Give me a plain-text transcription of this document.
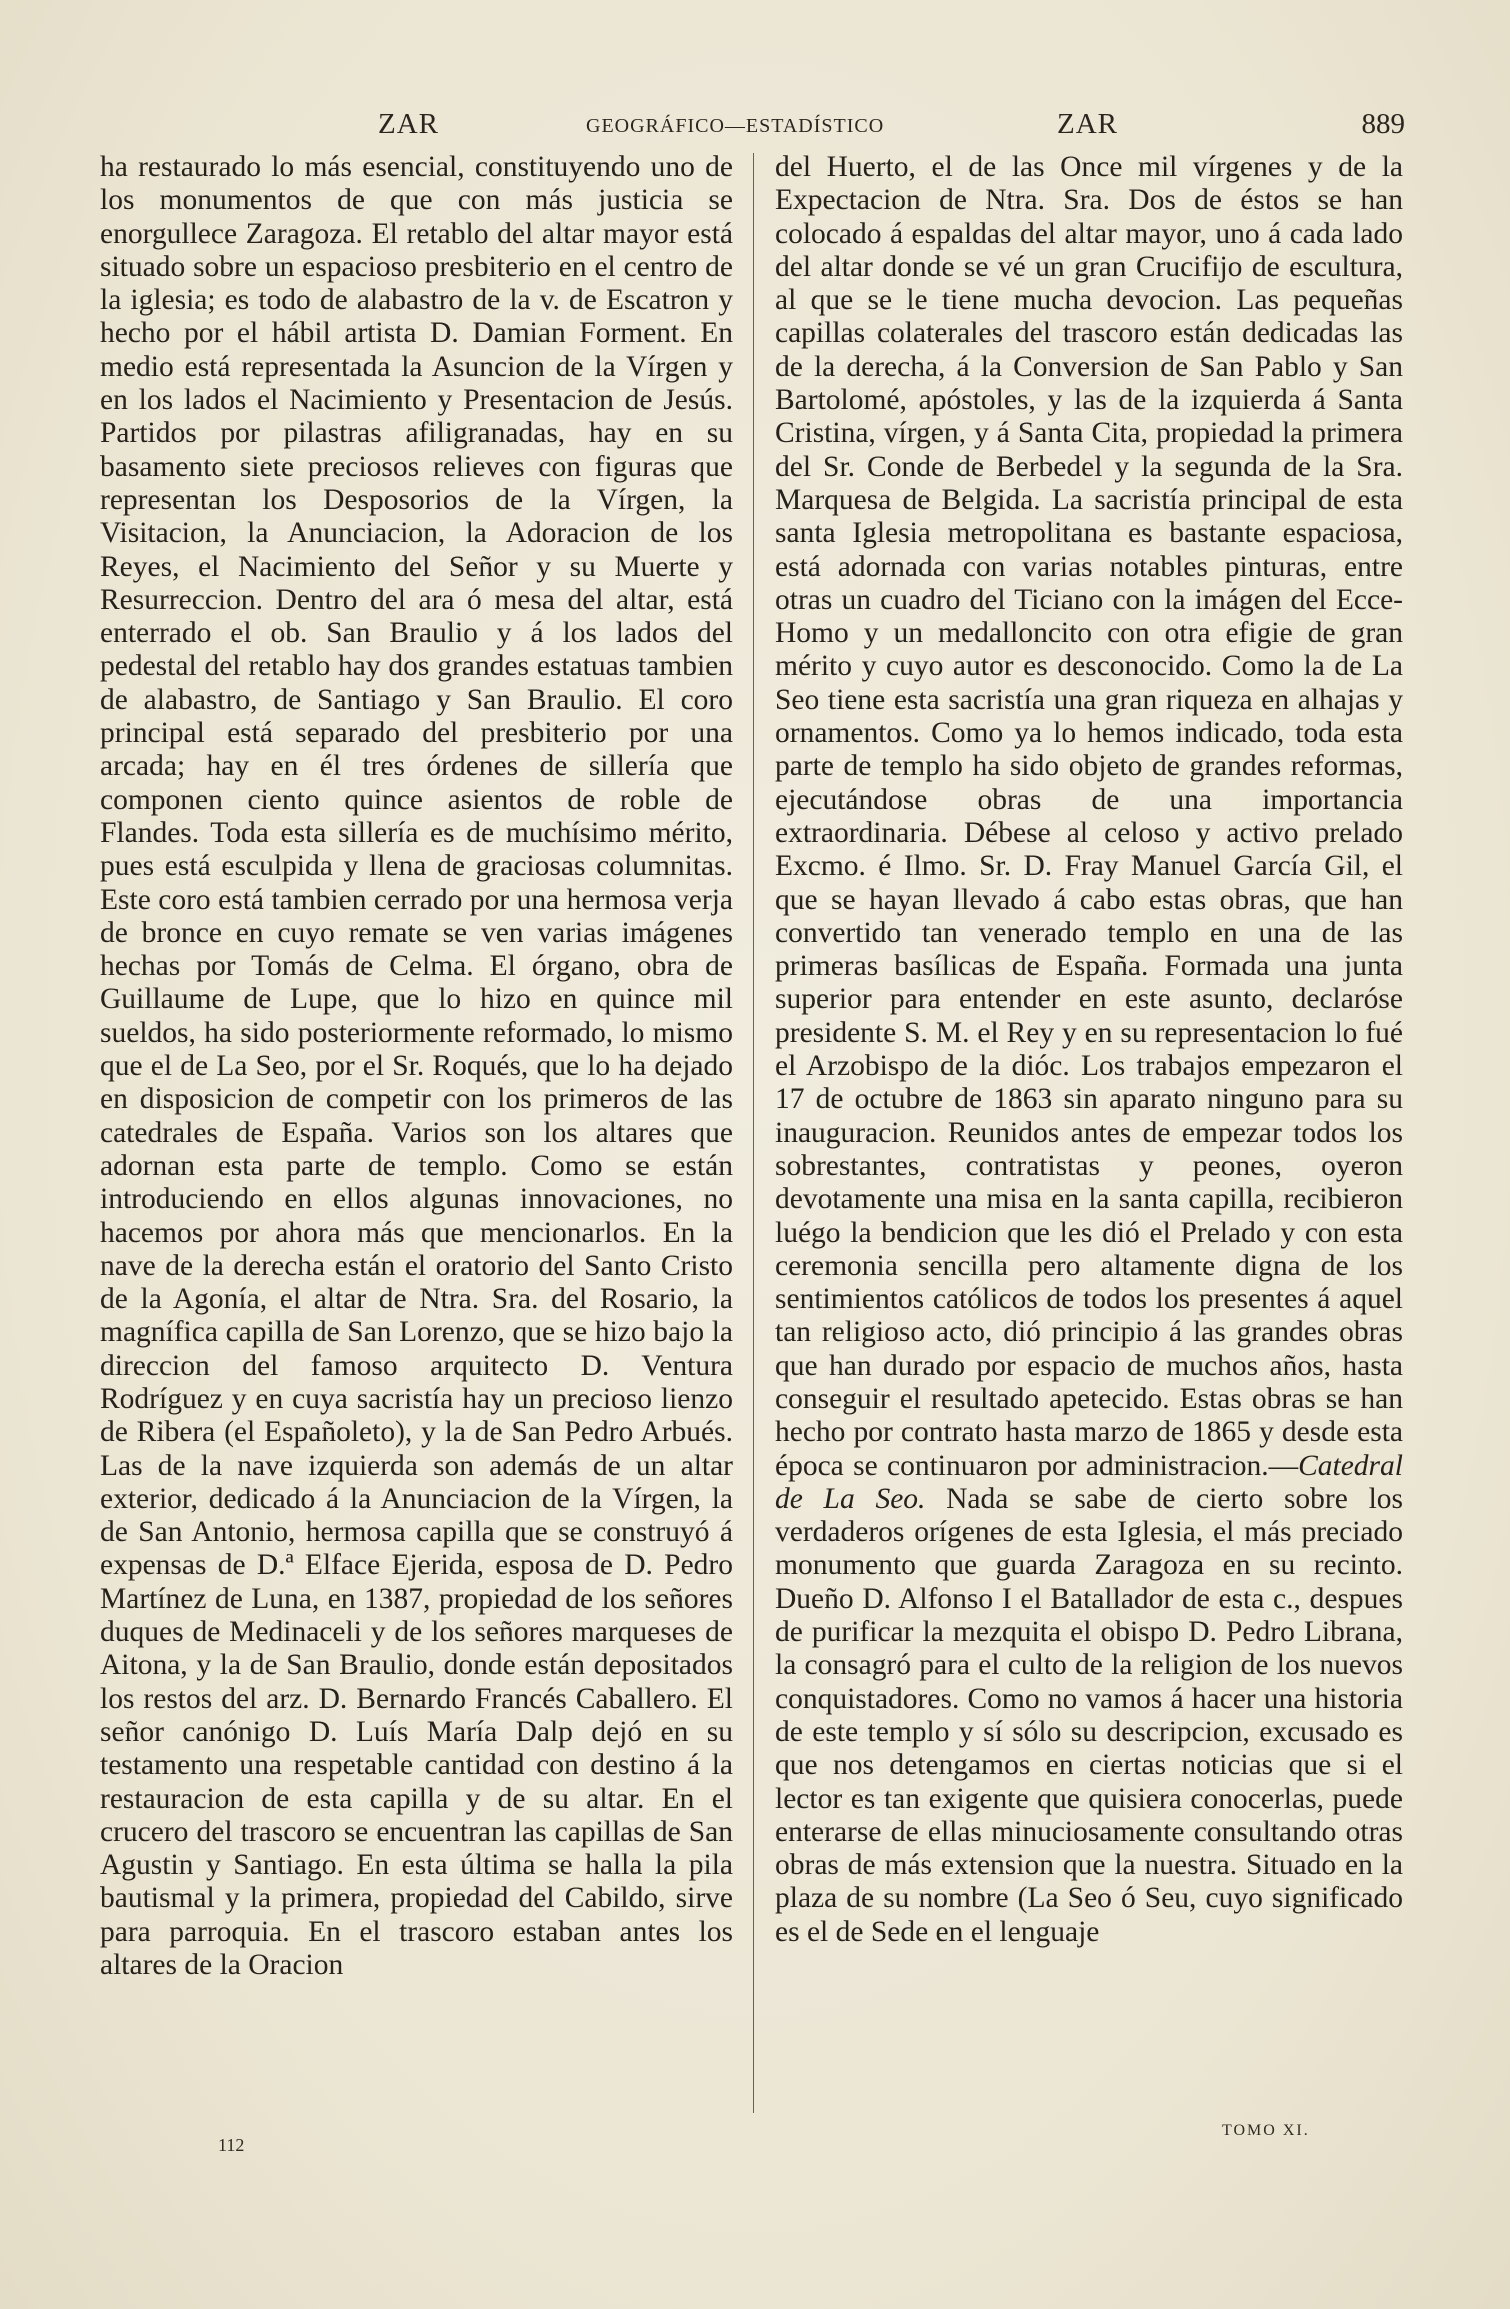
ZAR	GEOGRÁFICO—ESTADÍSTICO	ZAR	889

ha restaurado lo más esencial, constituyendo uno de los monumentos de que con más justicia se enorgullece Zaragoza. El retablo del altar mayor está situado sobre un espacioso presbiterio en el centro de la iglesia; es todo de alabastro de la v. de Escatron y hecho por el hábil artista D. Damian Forment. En medio está representada la Asuncion de la Vírgen y en los lados el Nacimiento y Presentacion de Jesús. Partidos por pilastras afiligranadas, hay en su basamento siete preciosos relieves con figuras que representan los Desposorios de la Vírgen, la Visitacion, la Anunciacion, la Adoracion de los Reyes, el Nacimiento del Señor y su Muerte y Resurreccion. Dentro del ara ó mesa del altar, está enterrado el ob. San Braulio y á los lados del pedestal del retablo hay dos grandes estatuas tambien de alabastro, de Santiago y San Braulio. El coro principal está separado del presbiterio por una arcada; hay en él tres órdenes de sillería que componen ciento quince asientos de roble de Flandes. Toda esta sillería es de muchísimo mérito, pues está esculpida y llena de graciosas columnitas. Este coro está tambien cerrado por una hermosa verja de bronce en cuyo remate se ven varias imágenes hechas por Tomás de Celma. El órgano, obra de Guillaume de Lupe, que lo hizo en quince mil sueldos, ha sido posteriormente reformado, lo mismo que el de La Seo, por el Sr. Roqués, que lo ha dejado en disposicion de competir con los primeros de las catedrales de España. Varios son los altares que adornan esta parte de templo. Como se están introduciendo en ellos algunas innovaciones, no hacemos por ahora más que mencionarlos. En la nave de la derecha están el oratorio del Santo Cristo de la Agonía, el altar de Ntra. Sra. del Rosario, la magnífica capilla de San Lorenzo, que se hizo bajo la direccion del famoso arquitecto D. Ventura Rodríguez y en cuya sacristía hay un precioso lienzo de Ribera (el Españoleto), y la de San Pedro Arbués. Las de la nave izquierda son además de un altar exterior, dedicado á la Anunciacion de la Vírgen, la de San Antonio, hermosa capilla que se construyó á expensas de D.ª Elface Ejerida, esposa de D. Pedro Martínez de Luna, en 1387, propiedad de los señores duques de Medinaceli y de los señores marqueses de Aitona, y la de San Braulio, donde están depositados los restos del arz. D. Bernardo Francés Caballero. El señor canónigo D. Luís María Dalp dejó en su testamento una respetable cantidad con destino á la restauracion de esta capilla y de su altar. En el crucero del trascoro se encuentran las capillas de San Agustin y Santiago. En esta última se halla la pila bautismal y la primera, propiedad del Cabildo, sirve para parroquia. En el trascoro estaban antes los altares de la Oracion

del Huerto, el de las Once mil vírgenes y de la Expectacion de Ntra. Sra. Dos de éstos se han colocado á espaldas del altar mayor, uno á cada lado del altar donde se vé un gran Crucifijo de escultura, al que se le tiene mucha devocion. Las pequeñas capillas colaterales del trascoro están dedicadas las de la derecha, á la Conversion de San Pablo y San Bartolomé, apóstoles, y las de la izquierda á Santa Cristina, vírgen, y á Santa Cita, propiedad la primera del Sr. Conde de Berbedel y la segunda de la Sra. Marquesa de Belgida. La sacristía principal de esta santa Iglesia metropolitana es bastante espaciosa, está adornada con varias notables pinturas, entre otras un cuadro del Ticiano con la imágen del Ecce-Homo y un medalloncito con otra efigie de gran mérito y cuyo autor es desconocido. Como la de La Seo tiene esta sacristía una gran riqueza en alhajas y ornamentos. Como ya lo hemos indicado, toda esta parte de templo ha sido objeto de grandes reformas, ejecutándose obras de una importancia extraordinaria. Débese al celoso y activo prelado Excmo. é Ilmo. Sr. D. Fray Manuel García Gil, el que se hayan llevado á cabo estas obras, que han convertido tan venerado templo en una de las primeras basílicas de España. Formada una junta superior para entender en este asunto, declaróse presidente S. M. el Rey y en su representacion lo fué el Arzobispo de la dióc. Los trabajos empezaron el 17 de octubre de 1863 sin aparato ninguno para su inauguracion. Reunidos antes de empezar todos los sobrestantes, contratistas y peones, oyeron devotamente una misa en la santa capilla, recibieron luégo la bendicion que les dió el Prelado y con esta ceremonia sencilla pero altamente digna de los sentimientos católicos de todos los presentes á aquel tan religioso acto, dió principio á las grandes obras que han durado por espacio de muchos años, hasta conseguir el resultado apetecido. Estas obras se han hecho por contrato hasta marzo de 1865 y desde esta época se continuaron por administracion.—Catedral de La Seo. Nada se sabe de cierto sobre los verdaderos orígenes de esta Iglesia, el más preciado monumento que guarda Zaragoza en su recinto. Dueño D. Alfonso I el Batallador de esta c., despues de purificar la mezquita el obispo D. Pedro Librana, la consagró para el culto de la religion de los nuevos conquistadores. Como no vamos á hacer una historia de este templo y sí sólo su descripcion, excusado es que nos detengamos en ciertas noticias que si el lector es tan exigente que quisiera conocerlas, puede enterarse de ellas minuciosamente consultando otras obras de más extension que la nuestra. Situado en la plaza de su nombre (La Seo ó Seu, cuyo significado es el de Sede en el lenguaje

112
TOMO XI.
